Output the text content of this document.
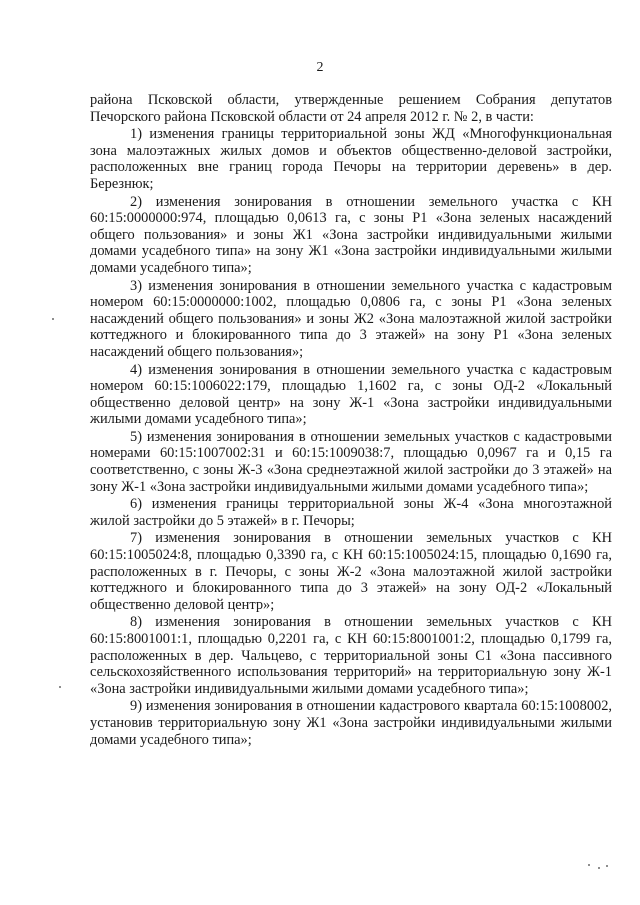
2

района Псковской области, утвержденные решением Собрания депутатов Печорского района Псковской области от 24 апреля 2012 г. № 2, в части:

1) изменения границы территориальной зоны ЖД «Многофункциональная зона малоэтажных жилых домов и объектов общественно-деловой застройки, расположенных вне границ города Печоры на территории деревень» в дер. Березнюк;

2) изменения зонирования в отношении земельного участка с КН 60:15:0000000:974, площадью 0,0613 га, с зоны Р1 «Зона зеленых насаждений общего пользования» и зоны Ж1 «Зона застройки индивидуальными жилыми домами усадебного типа» на зону Ж1 «Зона застройки индивидуальными жилыми домами усадебного типа»;

3) изменения зонирования в отношении земельного участка с кадастровым номером 60:15:0000000:1002, площадью 0,0806 га, с зоны Р1 «Зона зеленых насаждений общего пользования» и зоны Ж2 «Зона малоэтажной жилой застройки коттеджного и блокированного типа до 3 этажей» на зону Р1 «Зона зеленых насаждений общего пользования»;

4) изменения зонирования в отношении земельного участка с кадастровым номером 60:15:1006022:179, площадью 1,1602 га, с зоны ОД-2 «Локальный общественно деловой центр» на зону Ж-1 «Зона застройки индивидуальными жилыми домами усадебного типа»;

5) изменения зонирования в отношении земельных участков с кадастровыми номерами 60:15:1007002:31 и 60:15:1009038:7, площадью 0,0967 га и 0,15 га соответственно, с зоны Ж-3 «Зона среднеэтажной жилой застройки до 3 этажей» на зону Ж-1 «Зона застройки индивидуальными жилыми домами усадебного типа»;

6) изменения границы территориальной зоны Ж-4 «Зона многоэтажной жилой застройки до 5 этажей» в г. Печоры;

7) изменения зонирования в отношении земельных участков с КН 60:15:1005024:8, площадью 0,3390 га, с КН 60:15:1005024:15, площадью 0,1690 га, расположенных в г. Печоры, с зоны Ж-2 «Зона малоэтажной жилой застройки коттеджного и блокированного типа до 3 этажей» на зону ОД-2 «Локальный общественно деловой центр»;

8) изменения зонирования в отношении земельных участков с КН 60:15:8001001:1, площадью 0,2201 га, с КН 60:15:8001001:2, площадью 0,1799 га, расположенных в дер. Чальцево, с территориальной зоны С1 «Зона пассивного сельскохозяйственного использования территорий» на территориальную зону Ж-1 «Зона застройки индивидуальными жилыми домами усадебного типа»;

9) изменения зонирования в отношении кадастрового квартала 60:15:1008002, установив территориальную зону Ж1 «Зона застройки индивидуальными жилыми домами усадебного типа»;
